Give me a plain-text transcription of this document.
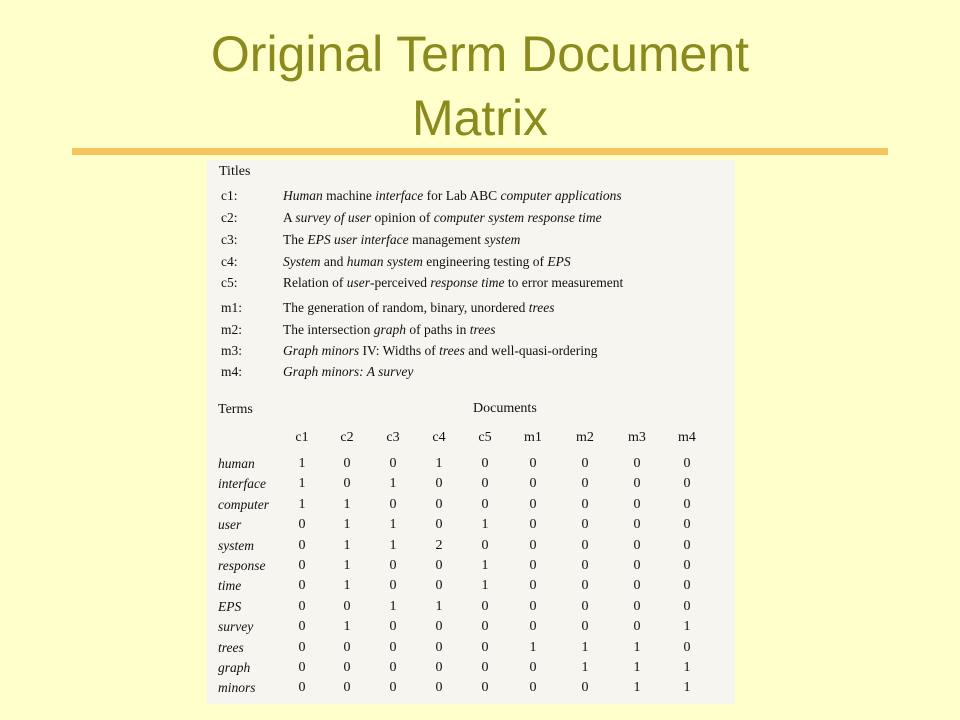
Original Term Document
Matrix
Titles
c1:	Human machine interface for Lab ABC computer applications
c2:	A survey of user opinion of computer system response time
c3:	The EPS user interface management system
c4:	System and human system engineering testing of EPS
c5:	Relation of user-perceived response time to error measurement
m1:	The generation of random, binary, unordered trees
m2:	The intersection graph of paths in trees
m3:	Graph minors IV: Widths of trees and well-quasi-ordering
m4:	Graph minors: A survey
Terms	Documents
c1	c2	c3	c4	c5	m1	m2	m3	m4
human	1	0	0	1	0	0	0	0	0
interface	1	0	1	0	0	0	0	0	0
computer	1	1	0	0	0	0	0	0	0
user	0	1	1	0	1	0	0	0	0
system	0	1	1	2	0	0	0	0	0
response	0	1	0	0	1	0	0	0	0
time	0	1	0	0	1	0	0	0	0
EPS	0	0	1	1	0	0	0	0	0
survey	0	1	0	0	0	0	0	0	1
trees	0	0	0	0	0	1	1	1	0
graph	0	0	0	0	0	0	1	1	1
minors	0	0	0	0	0	0	0	1	1
